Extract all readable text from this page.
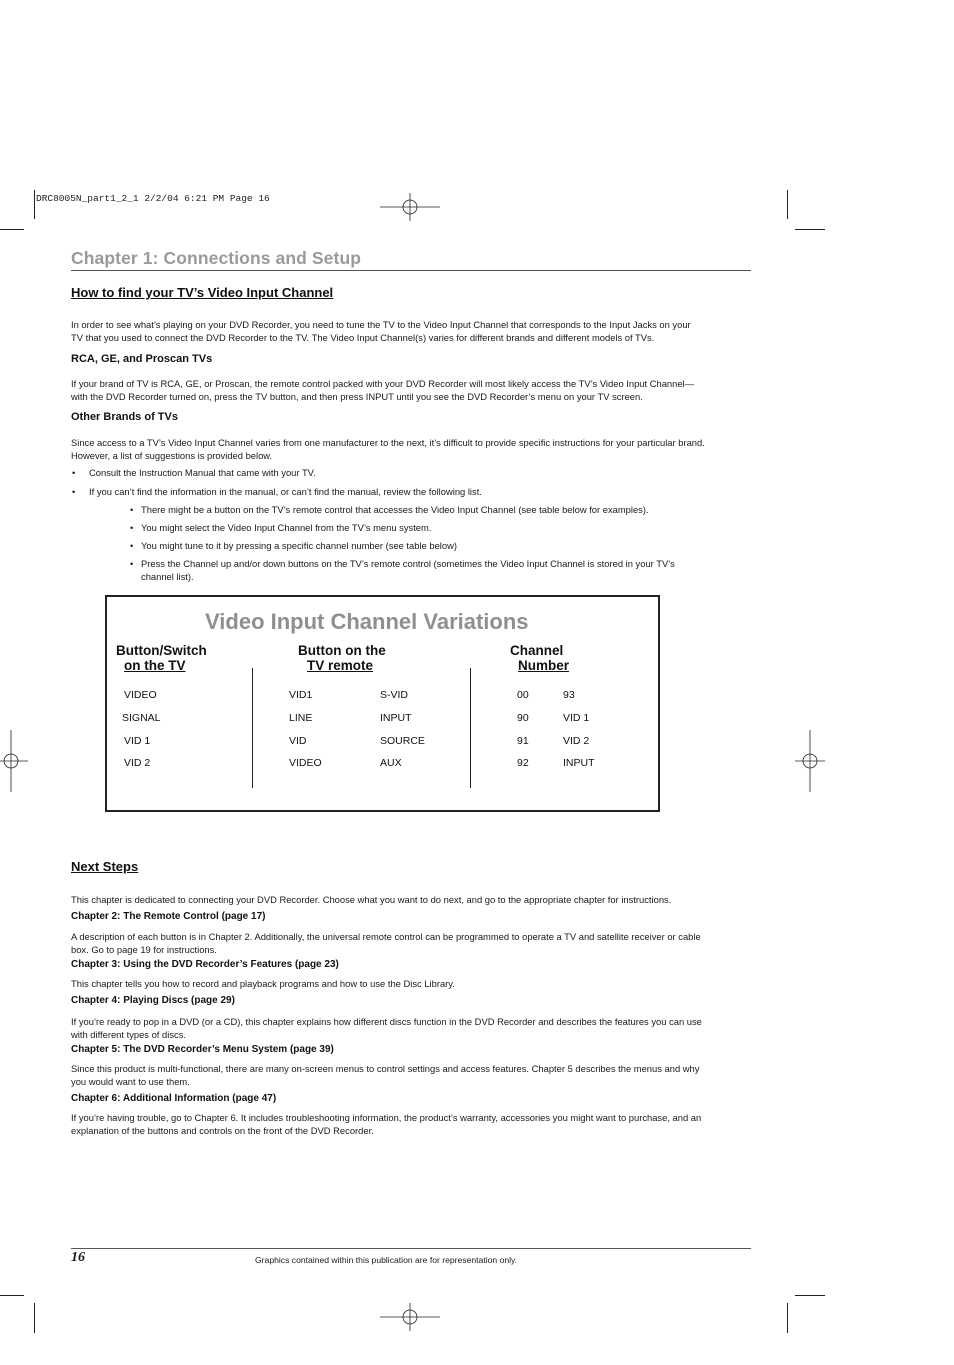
DRC8005N_part1_2_1 2/2/04 6:21 PM Page 16
Chapter 1: Connections and Setup
How to find your TV’s Video Input Channel
In order to see what’s playing on your DVD Recorder, you need to tune the TV to the Video Input Channel that corresponds to the Input Jacks on your
TV that you used to connect the DVD Recorder to the TV. The Video Input Channel(s) varies for different brands and different models of TVs.
RCA, GE, and Proscan TVs
If your brand of TV is RCA, GE, or Proscan, the remote control packed with your DVD Recorder will most likely access the TV’s Video Input Channel—
with the DVD Recorder turned on, press the TV button, and then press INPUT until you see the DVD Recorder’s menu on your TV screen.
Other Brands of TVs
Since access to a TV’s Video Input Channel varies from one manufacturer to the next, it’s difficult to provide specific instructions for your particular brand.
However, a list of suggestions is provided below.
• Consult the Instruction Manual that came with your TV.
• If you can’t find the information in the manual, or can’t find the manual, review the following list.
• There might be a button on the TV’s remote control that accesses the Video Input Channel (see table below for examples).
• You might select the Video Input Channel from the TV’s menu system.
• You might tune to it by pressing a specific channel number (see table below)
• Press the Channel up and/or down buttons on the TV’s remote control (sometimes the Video Input Channel is stored in your TV’s
channel list).
Video Input Channel Variations
Button/Switch
on the TV
Button on the
TV remote
Channel
Number
VIDEO
SIGNAL
VID 1
VID 2
VID1
LINE
VID
VIDEO
S-VID
INPUT
SOURCE
AUX
00
90
91
92
93
VID 1
VID 2
INPUT
Next Steps
This chapter is dedicated to connecting your DVD Recorder. Choose what you want to do next, and go to the appropriate chapter for instructions.
Chapter 2: The Remote Control (page 17)
A description of each button is in Chapter 2. Additionally, the universal remote control can be programmed to operate a TV and satellite receiver or cable
box. Go to page 19 for instructions.
Chapter 3: Using the DVD Recorder’s Features (page 23)
This chapter tells you how to record and playback programs and how to use the Disc Library.
Chapter 4: Playing Discs (page 29)
If you’re ready to pop in a DVD (or a CD), this chapter explains how different discs function in the DVD Recorder and describes the features you can use
with different types of discs.
Chapter 5: The DVD Recorder’s Menu System (page 39)
Since this product is multi-functional, there are many on-screen menus to control settings and access features. Chapter 5 describes the menus and why
you would want to use them.
Chapter 6: Additional Information (page 47)
If you’re having trouble, go to Chapter 6. It includes troubleshooting information, the product’s warranty, accessories you might want to purchase, and an
explanation of the buttons and controls on the front of the DVD Recorder.
16	Graphics contained within this publication are for representation only.
